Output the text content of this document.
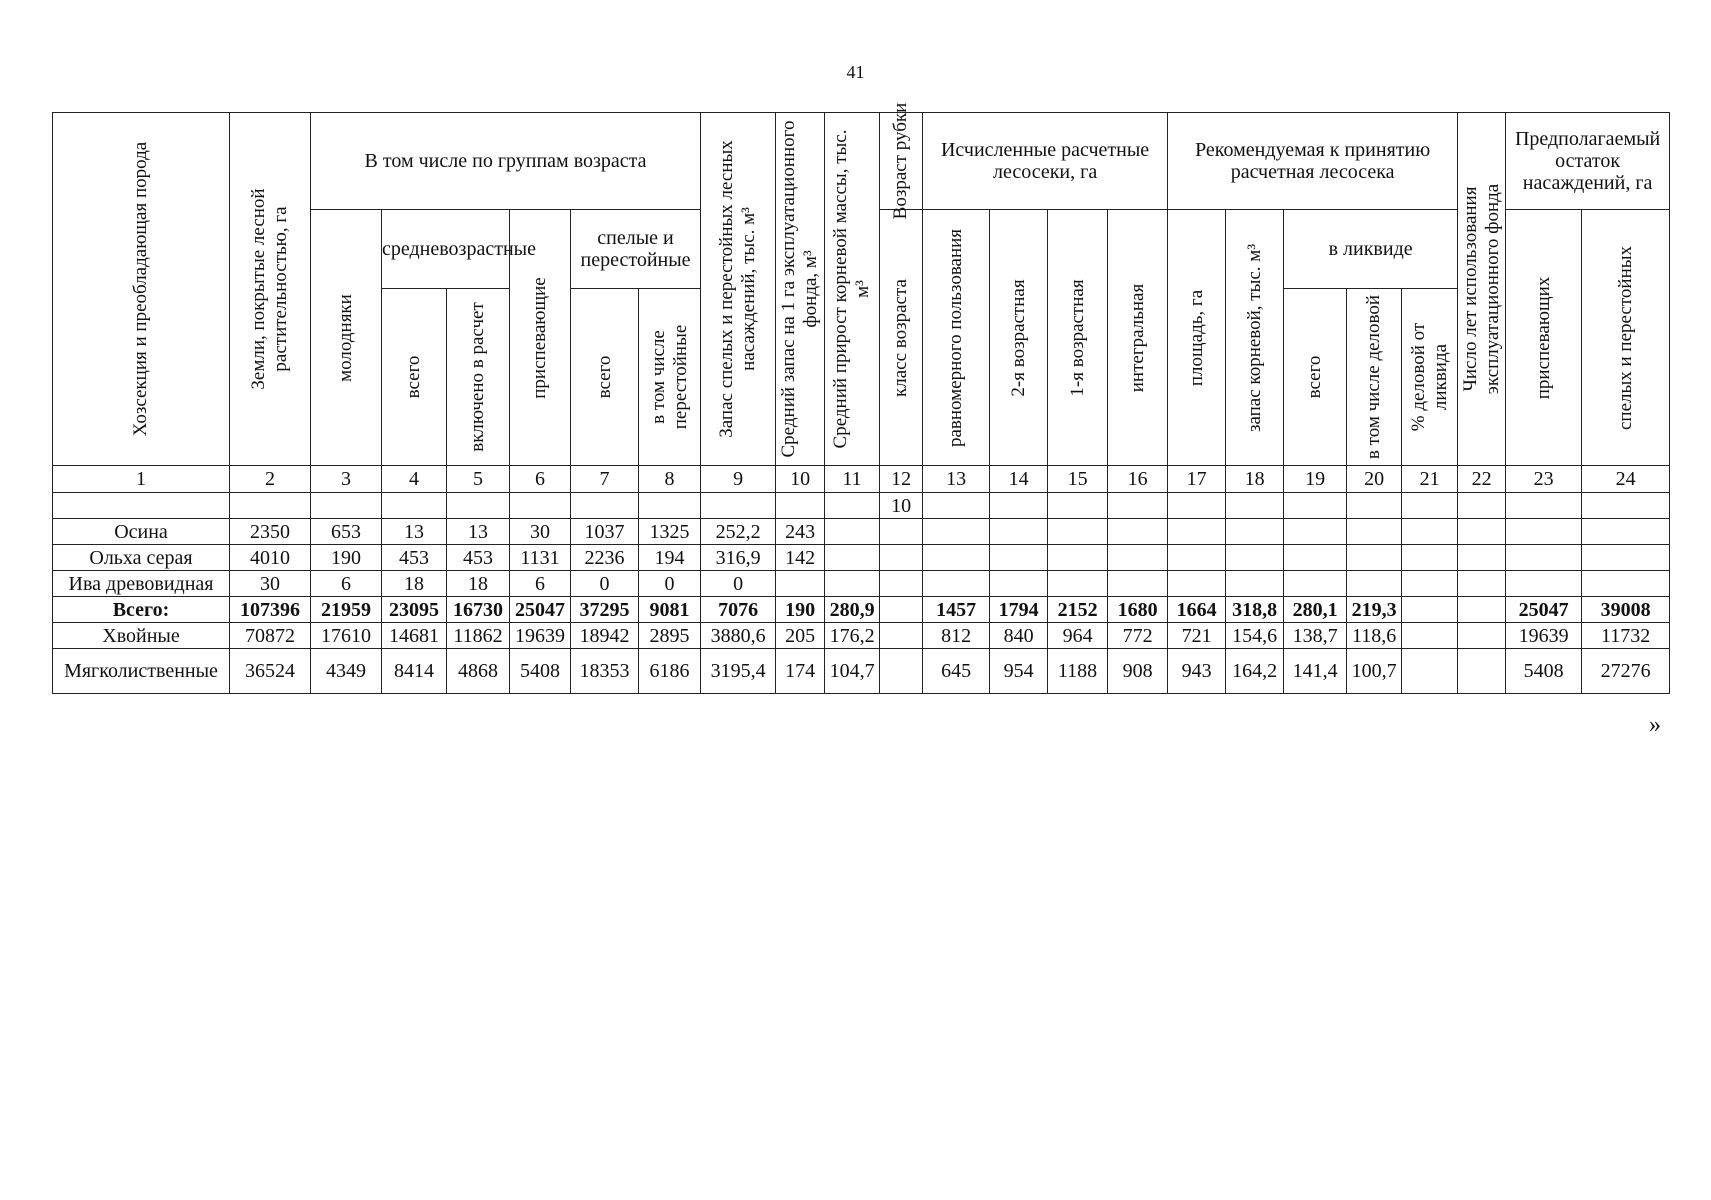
41
Хозсекция и преобладающая порода	Земли, покрытые лесной растительностью, га	В том числе по группам возраста						Запас спелых и перестойных лесных насаждений, тыс. м³	Средний запас на 1 га эксплуатационного фонда, м³	Средний прирост корневой массы, тыс. м³	Возраст рубки	Исчисленные расчетные лесосеки, га				Рекомендуемая к принятию расчетная лесосека					Число лет использования эксплуатационного фонда	Предполагаемый остаток насаждений, га	

		молодняки	средневозрастные		приспевающие	спелые и перестойные					класс возраста	равномерного пользования	2-я возрастная	1-я возрастная	интегральная	площадь, га	запас корневой, тыс. м³	в ликвиде				приспевающих	спелых и перестойных

			всего	включено в расчет		всего	в том числе перестойные											всего	в том числе деловой	% деловой от ликвида			

1	2	3	4	5	6	7	8	9	10	11	12	13	14	15	16	17	18	19	20	21	22	23	24
											10												
Осина	2350	653	13	13	30	1037	1325	252,2	243														
Ольха серая	4010	190	453	453	1131	2236	194	316,9	142														
Ива древовидная	30	6	18	18	6	0	0	0															
Всего:	107396	21959	23095	16730	25047	37295	9081	7076	190	280,9		1457	1794	2152	1680	1664	318,8	280,1	219,3			25047	39008
Хвойные	70872	17610	14681	11862	19639	18942	2895	3880,6	205	176,2		812	840	964	772	721	154,6	138,7	118,6			19639	11732
Мягколиственные	36524	4349	8414	4868	5408	18353	6186	3195,4	174	104,7		645	954	1188	908	943	164,2	141,4	100,7			5408	27276
»
